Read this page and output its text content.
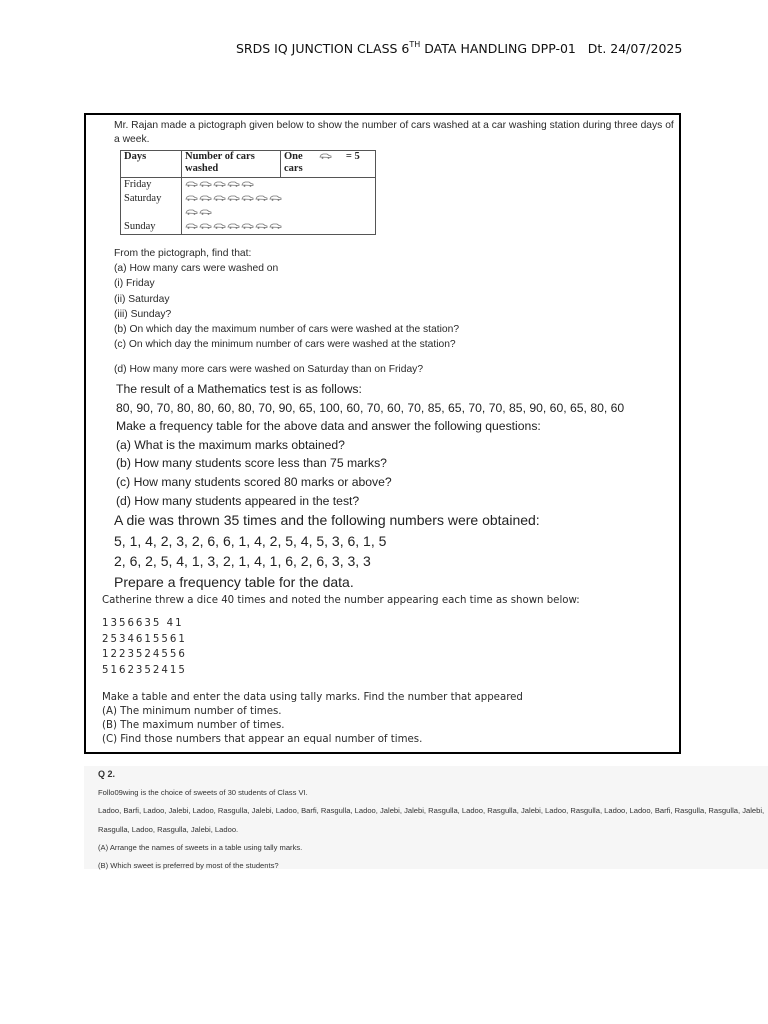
SRDS IQ JUNCTION CLASS 6TH DATA HANDLING DPP-01   Dt. 24/07/2025
Mr. Rajan made a pictograph given below to show the number of cars washed at a car washing station during three days of a week.
Days	Number of cars washed	One = 5
cars

Friday
Saturday

Sunday

From the pictograph, find that:
(a) How many cars were washed on
(i) Friday
(ii) Saturday
(iii) Sunday?
(b) On which day the maximum number of cars were washed at the station?
(c) On which day the minimum number of cars were washed at the station?
(d) How many more cars were washed on Saturday than on Friday?
The result of a Mathematics test is as follows:
80, 90, 70, 80, 80, 60, 80, 70, 90, 65, 100, 60, 70, 60, 70, 85, 65, 70, 70, 85, 90, 60, 65, 80, 60
Make a frequency table for the above data and answer the following questions:
(a) What is the maximum marks obtained?
(b) How many students score less than 75 marks?
(c) How many students scored 80 marks or above?
(d) How many students appeared in the test?
A die was thrown 35 times and the following numbers were obtained:
5, 1, 4, 2, 3, 2, 6, 6, 1, 4, 2, 5, 4, 5, 3, 6, 1, 5
2, 6, 2, 5, 4, 1, 3, 2, 1, 4, 1, 6, 2, 6, 3, 3, 3
Prepare a frequency table for the data.
Catherine threw a dice 40 times and noted the number appearing each time as shown below:
1356635 41
2534615561
1223524556
5162352415
Make a table and enter the data using tally marks. Find the number that appeared
(A) The minimum number of times.
(B) The maximum number of times.
(C) Find those numbers that appear an equal number of times.
Q 2.
Follo09wing is the choice of sweets of 30 students of Class VI.
Ladoo, Barfi, Ladoo, Jalebi, Ladoo, Rasgulla, Jalebi, Ladoo, Barfi, Rasgulla, Ladoo, Jalebi, Jalebi, Rasgulla, Ladoo, Rasgulla, Jalebi, Ladoo, Rasgulla, Ladoo, Ladoo, Barfi, Rasgulla, Rasgulla, Jalebi, Rasgulla, Ladoo, Rasgulla, Jalebi, Ladoo.
(A) Arrange the names of sweets in a table using tally marks.
(B) Which sweet is preferred by most of the students?
